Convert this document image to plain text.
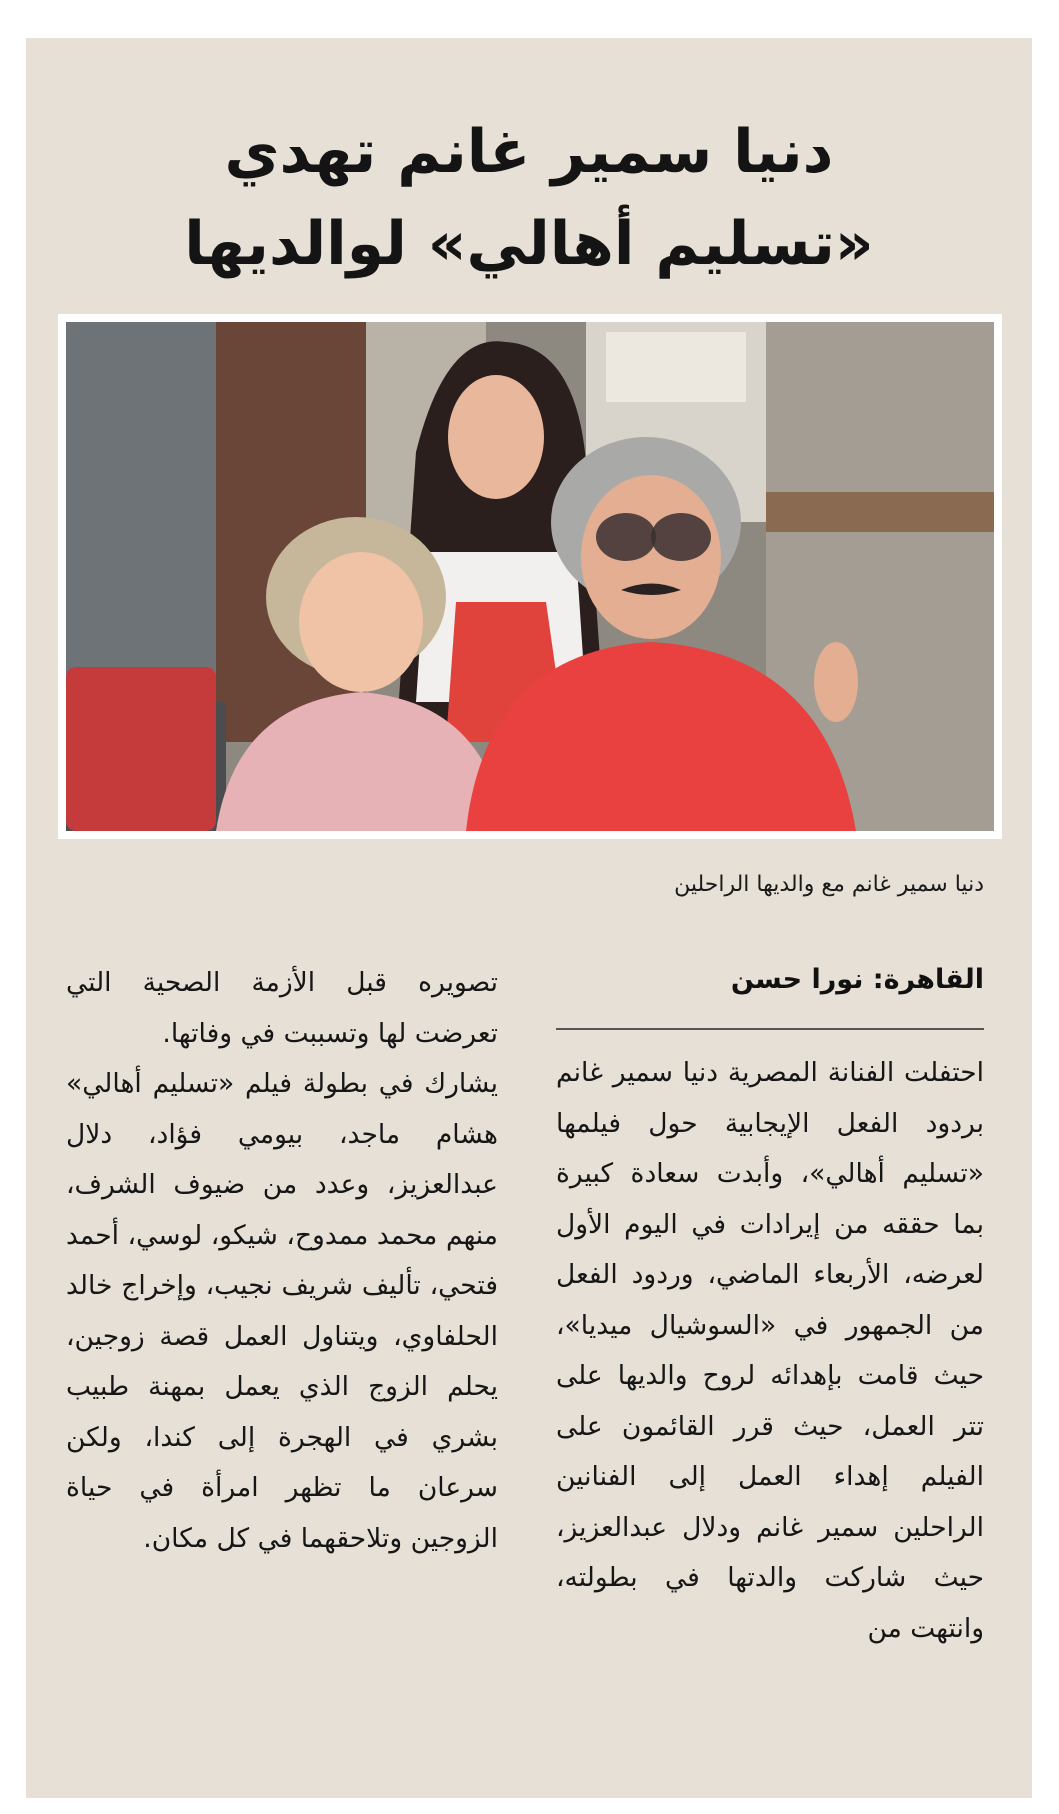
دنيا سمير غانم تهدي
«تسليم أهالي» لوالديها
دنيا سمير غانم مع والديها الراحلين
القاهرة: نورا حسن

احتفلت الفنانة المصرية دنيا سمير غانم بردود الفعل الإيجابية حول فيلمها «تسليم أهالي»، وأبدت سعادة كبيرة بما حققه من إيرادات في اليوم الأول لعرضه، الأربعاء الماضي، وردود الفعل من الجمهور في «السوشيال ميديا»، حيث قامت بإهدائه لروح والديها على تتر العمل، حيث قرر القائمون على الفيلم إهداء العمل إلى الفنانين الراحلين سمير غانم ودلال عبدالعزيز، حيث شاركت والدتها في بطولته، وانتهت من

تصويره قبل الأزمة الصحية التي تعرضت لها وتسببت في وفاتها.

يشارك في بطولة فيلم «تسليم أهالي» هشام ماجد، بيومي فؤاد، دلال عبدالعزيز، وعدد من ضيوف الشرف، منهم محمد ممدوح، شيكو، لوسي، أحمد فتحي، تأليف شريف نجيب، وإخراج خالد الحلفاوي، ويتناول العمل قصة زوجين، يحلم الزوج الذي يعمل بمهنة طبيب بشري في الهجرة إلى كندا، ولكن سرعان ما تظهر امرأة في حياة الزوجين وتلاحقهما في كل مكان.
